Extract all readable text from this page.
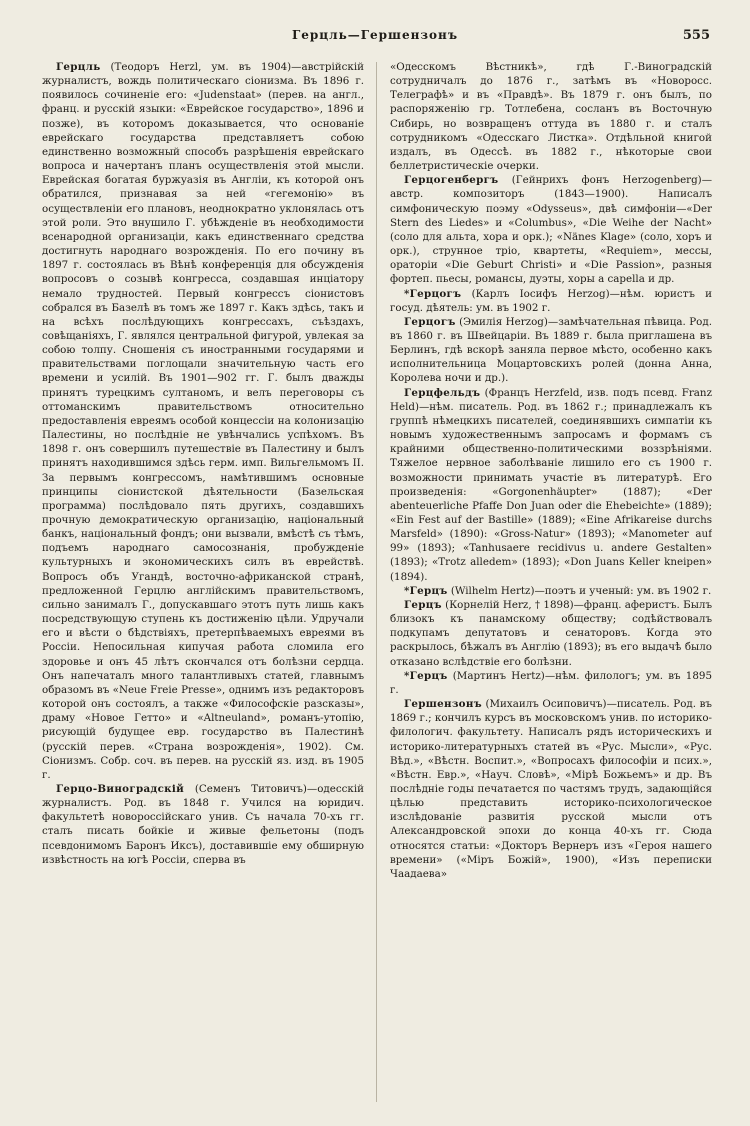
Герцль—Гершензонъ	555

Герцль (Теодоръ Herzl, ум. въ 1904)—австрійскій журналистъ, вождь политическаго сіонизма. Въ 1896 г. появилось сочиненіе его: «Judenstaat» (перев. на англ., франц. и русскій языки: «Еврейское государство», 1896 и позже), въ которомъ доказывается, что основаніе еврейскаго государства представляетъ собою единственно возможный способъ разрѣшенія еврейскаго вопроса и начертанъ планъ осуществленія этой мысли. Еврейская богатая буржуазія въ Англіи, къ которой онъ обратился, признавая за ней «гегемонію» въ осуществленіи его плановъ, неоднократно уклонялась отъ этой роли. Это внушило Г. убѣжденіе въ необходимости всенародной организаціи, какъ единственнаго средства достигнуть народнаго возрожденія. По его почину въ 1897 г. состоялась въ Вѣнѣ конференція для обсужденія вопросовъ о созывѣ конгресса, создавшая инціатору немало трудностей. Первый конгрессъ сіонистовъ собрался въ Базелѣ въ томъ же 1897 г. Какъ здѣсь, такъ и на всѣхъ послѣдующихъ конгрессахъ, съѣздахъ, совѣщаніяхъ, Г. являлся центральной фигурой, увлекая за собою толпу. Сношенія съ иностранными государями и правительствами поглощали значительную часть его времени и усилій. Въ 1901—902 гг. Г. былъ дважды принятъ турецкимъ султаномъ, и велъ переговоры съ оттоманскимъ правительствомъ относительно предоставленія евреямъ особой концессіи на колонизацію Палестины, но послѣдніе не увѣнчались успѣхомъ. Въ 1898 г. онъ совершилъ путешествіе въ Палестину и былъ принятъ находившимся здѣсь герм. имп. Вильгельмомъ II. За первымъ конгрессомъ, намѣтившимъ основные принципы сіонистской дѣятельности (Базельская программа) послѣдовало пять другихъ, создавшихъ прочную демократическую организацію, національный банкъ, національный фондъ; они вызвали, вмѣстѣ съ тѣмъ, подъемъ народнаго самосознанія, пробужденіе культурныхъ и экономическихъ силъ въ еврействѣ. Вопросъ объ Угандѣ, восточно-африканской странѣ, предложенной Герцлю англійскимъ правительствомъ, сильно занималъ Г., допускавшаго этотъ путь лишь какъ посредствующую ступень къ достиженію цѣли. Удручали его и вѣсти о бѣдствіяхъ, претерпѣваемыхъ евреями въ Россіи. Непосильная кипучая работа сломила его здоровье и онъ 45 лѣтъ скончался отъ болѣзни сердца. Онъ напечаталъ много талантливыхъ статей, главнымъ образомъ въ «Neue Freie Presse», однимъ изъ редакторовъ которой онъ состоялъ, а также «Философскіе разсказы», драму «Новое Гетто» и «Altneuland», романъ-утопію, рисующій будущее евр. государство въ Палестинѣ (русскій перев. «Страна возрожденія», 1902). См. Сіонизмъ. Собр. соч. въ перев. на русскій яз. изд. въ 1905 г.

Герцо-Виноградскій (Семенъ Титовичъ)—одесскій журналистъ. Род. въ 1848 г. Учился на юридич. факультетѣ новороссійскаго унив. Съ начала 70-хъ гг. сталъ писать бойкіе и живые фельетоны (подъ псевдонимомъ Баронъ Иксъ), доставившіе ему обширную извѣстность на югѣ Россіи, сперва въ

«Одесскомъ Вѣстникѣ», гдѣ Г.-Виноградскій сотрудничалъ до 1876 г., затѣмъ въ «Новоросс. Телеграфѣ» и въ «Правдѣ». Въ 1879 г. онъ былъ, по распоряженію гр. Тотлебена, сосланъ въ Восточную Сибирь, но возвращенъ оттуда въ 1880 г. и сталъ сотрудникомъ «Одесскаго Листка». Отдѣльной книгой издалъ, въ Одессѣ. въ 1882 г., нѣкоторые свои беллетристическіе очерки.

Герцогенбергъ (Гейнрихъ фонъ Herzogenberg)—австр. композиторъ (1843—1900). Написалъ симфоническую поэму «Odysseus», двѣ симфоніи—«Der Stern des Liedes» и «Columbus», «Die Weihe der Nacht» (соло для альта, хора и орк.); «Nänes Klage» (соло, хоръ и орк.), струнное тріо, квартеты, «Requiem», мессы, ораторіи «Die Geburt Christi» и «Die Passion», разныя фортеп. пьесы, романсы, дуэты, хоры a capella и др.

*Герцогъ (Карлъ Іосифъ Herzog)—нѣм. юристъ и госуд. дѣятель: ум. въ 1902 г.

Герцогъ (Эмилія Herzog)—замѣчательная пѣвица. Род. въ 1860 г. въ Швейцаріи. Въ 1889 г. была приглашена въ Берлинъ, гдѣ вскорѣ заняла первое мѣсто, особенно какъ исполнительница Моцартовскихъ ролей (донна Анна, Королева ночи и др.).

Герцфельдъ (Францъ Herzfeld, изв. подъ псевд. Franz Held)—нѣм. писатель. Род. въ 1862 г.; принадлежалъ къ группѣ нѣмецкихъ писателей, соединявшихъ симпатіи къ новымъ художественнымъ запросамъ и формамъ съ крайними общественно-политическими воззрѣніями. Тяжелое нервное заболѣваніе лишило его съ 1900 г. возможности принимать участіе въ литературѣ. Его произведенія: «Gorgonenhäupter» (1887); «Der abenteuerliche Pfaffe Don Juan oder die Ehebeichte» (1889); «Ein Fest auf der Bastille» (1889); «Eine Afrikareise durchs Marsfeld» (1890): «Gross-Natur» (1893); «Manometer auf 99» (1893); «Tanhusaere recidivus u. andere Gestalten» (1893); «Trotz alledem» (1893); «Don Juans Keller kneipen» (1894).

*Герцъ (Wilhelm Hertz)—поэтъ и ученый: ум. въ 1902 г.

Герцъ (Корнелій Herz, † 1898)—франц. аферистъ. Былъ близокъ къ панамскому обществу; содѣйствовалъ подкупамъ депутатовъ и сенаторовъ. Когда это раскрылось, бѣжалъ въ Англію (1893); въ его выдачѣ было отказано вслѣдствіе его болѣзни.

*Герцъ (Мартинъ Hertz)—нѣм. филологъ; ум. въ 1895 г.

Гершензонъ (Михаилъ Осиповичъ)—писатель. Род. въ 1869 г.; кончилъ курсъ въ московскомъ унив. по историко-филологич. факультету. Написалъ рядъ историческихъ и историко-литературныхъ статей въ «Рус. Мысли», «Рус. Вѣд.», «Вѣстн. Воспит.», «Вопросахъ философіи и псих.», «Вѣстн. Евр.», «Науч. Словѣ», «Мірѣ Божьемъ» и др. Въ послѣдніе годы печатается по частямъ трудъ, задающійся цѣлью представить историко-психологическое изслѣдованіе развитія русской мысли отъ Александровской эпохи до конца 40-хъ гг. Сюда относятся статьи: «Докторъ Вернеръ изъ «Героя нашего времени» («Міръ Божій», 1900), «Изъ переписки Чаадаева»
